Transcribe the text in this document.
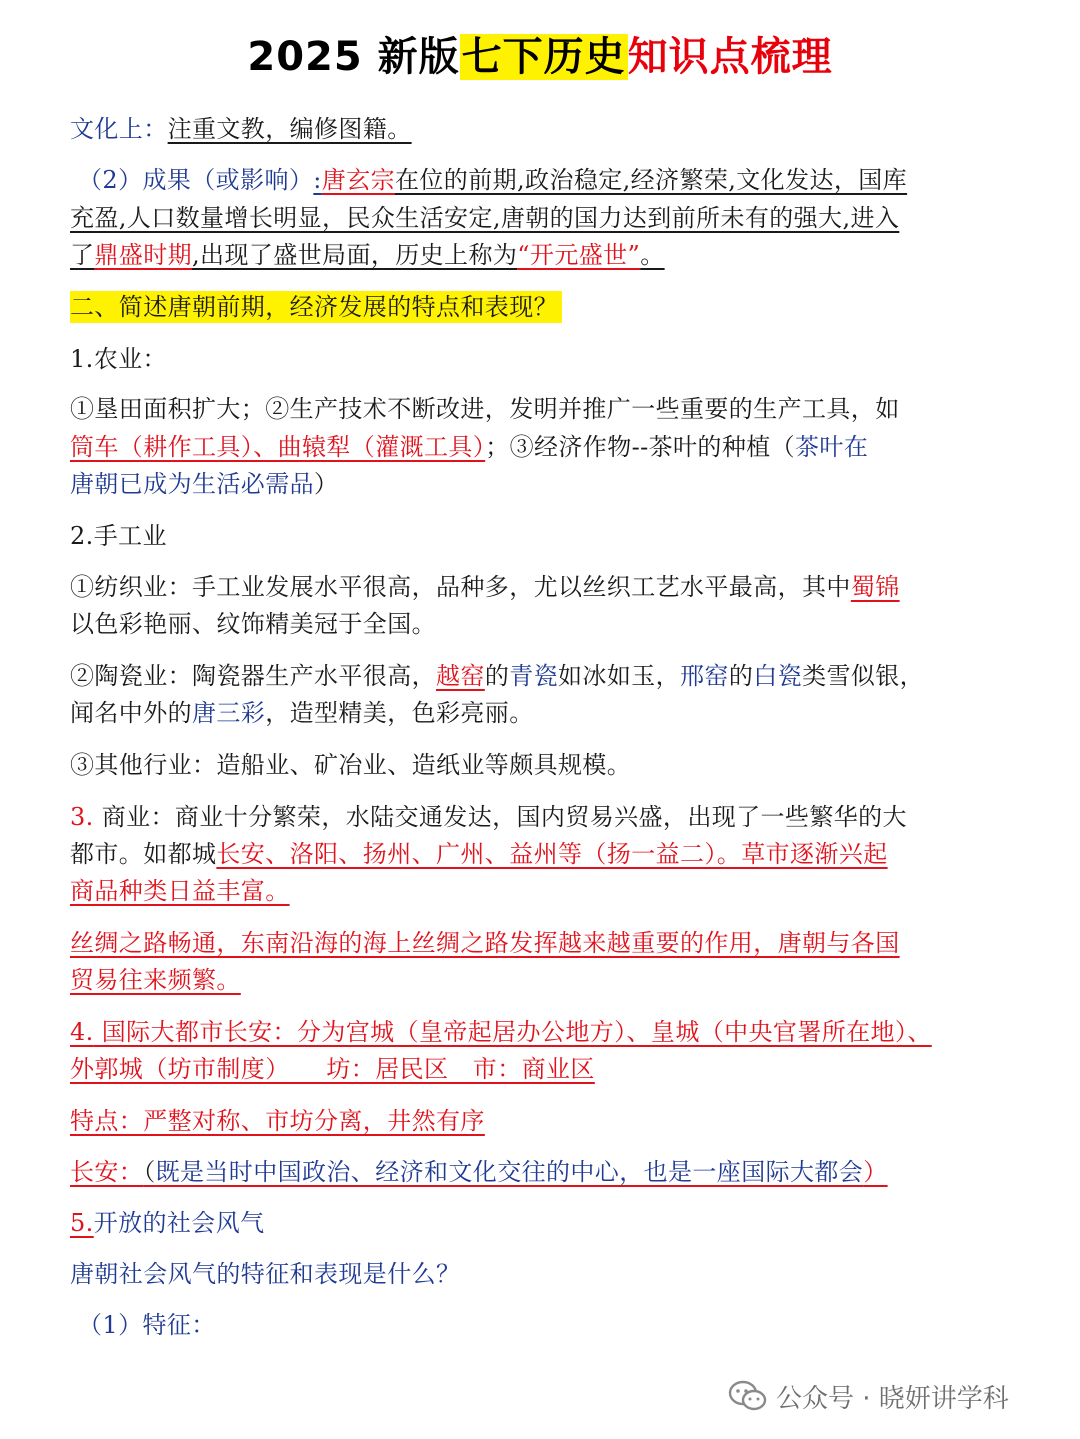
2025 新版七下历史知识点梳理
文化上：注重文教，编修图籍。
（2）成果（或影响）:唐玄宗在位的前期,政治稳定,经济繁荣,文化发达，国库
充盈,人口数量增长明显，民众生活安定,唐朝的国力达到前所未有的强大,进入
了鼎盛时期,出现了盛世局面，历史上称为“开元盛世”。
二、简述唐朝前期，经济发展的特点和表现？
1.农业：
①垦田面积扩大；②生产技术不断改进，发明并推广一些重要的生产工具，如
筒车（耕作工具）、曲辕犁（灌溉工具）；③经济作物--茶叶的种植（茶叶在
唐朝已成为生活必需品）
2.手工业
①纺织业：手工业发展水平很高，品种多，尤以丝织工艺水平最高，其中蜀锦
以色彩艳丽、纹饰精美冠于全国。
②陶瓷业：陶瓷器生产水平很高，越窑的青瓷如冰如玉，邢窑的白瓷类雪似银，
闻名中外的唐三彩，造型精美，色彩亮丽。
③其他行业：造船业、矿冶业、造纸业等颇具规模。
3. 商业：商业十分繁荣，水陆交通发达，国内贸易兴盛，出现了一些繁华的大
都市。如都城长安、洛阳、扬州、广州、益州等（扬一益二）。草市逐渐兴起
商品种类日益丰富。
丝绸之路畅通，东南沿海的海上丝绸之路发挥越来越重要的作用，唐朝与各国
贸易往来频繁。
4. 国际大都市长安：分为宫城（皇帝起居办公地方）、皇城（中央官署所在地）、
外郭城（坊市制度）　　坊：居民区　市：商业区
特点：严整对称、市坊分离，井然有序
长安：（既是当时中国政治、经济和文化交往的中心，也是一座国际大都会）
5.开放的社会风气
唐朝社会风气的特征和表现是什么？
（1）特征：
公众号 · 晓妍讲学科
